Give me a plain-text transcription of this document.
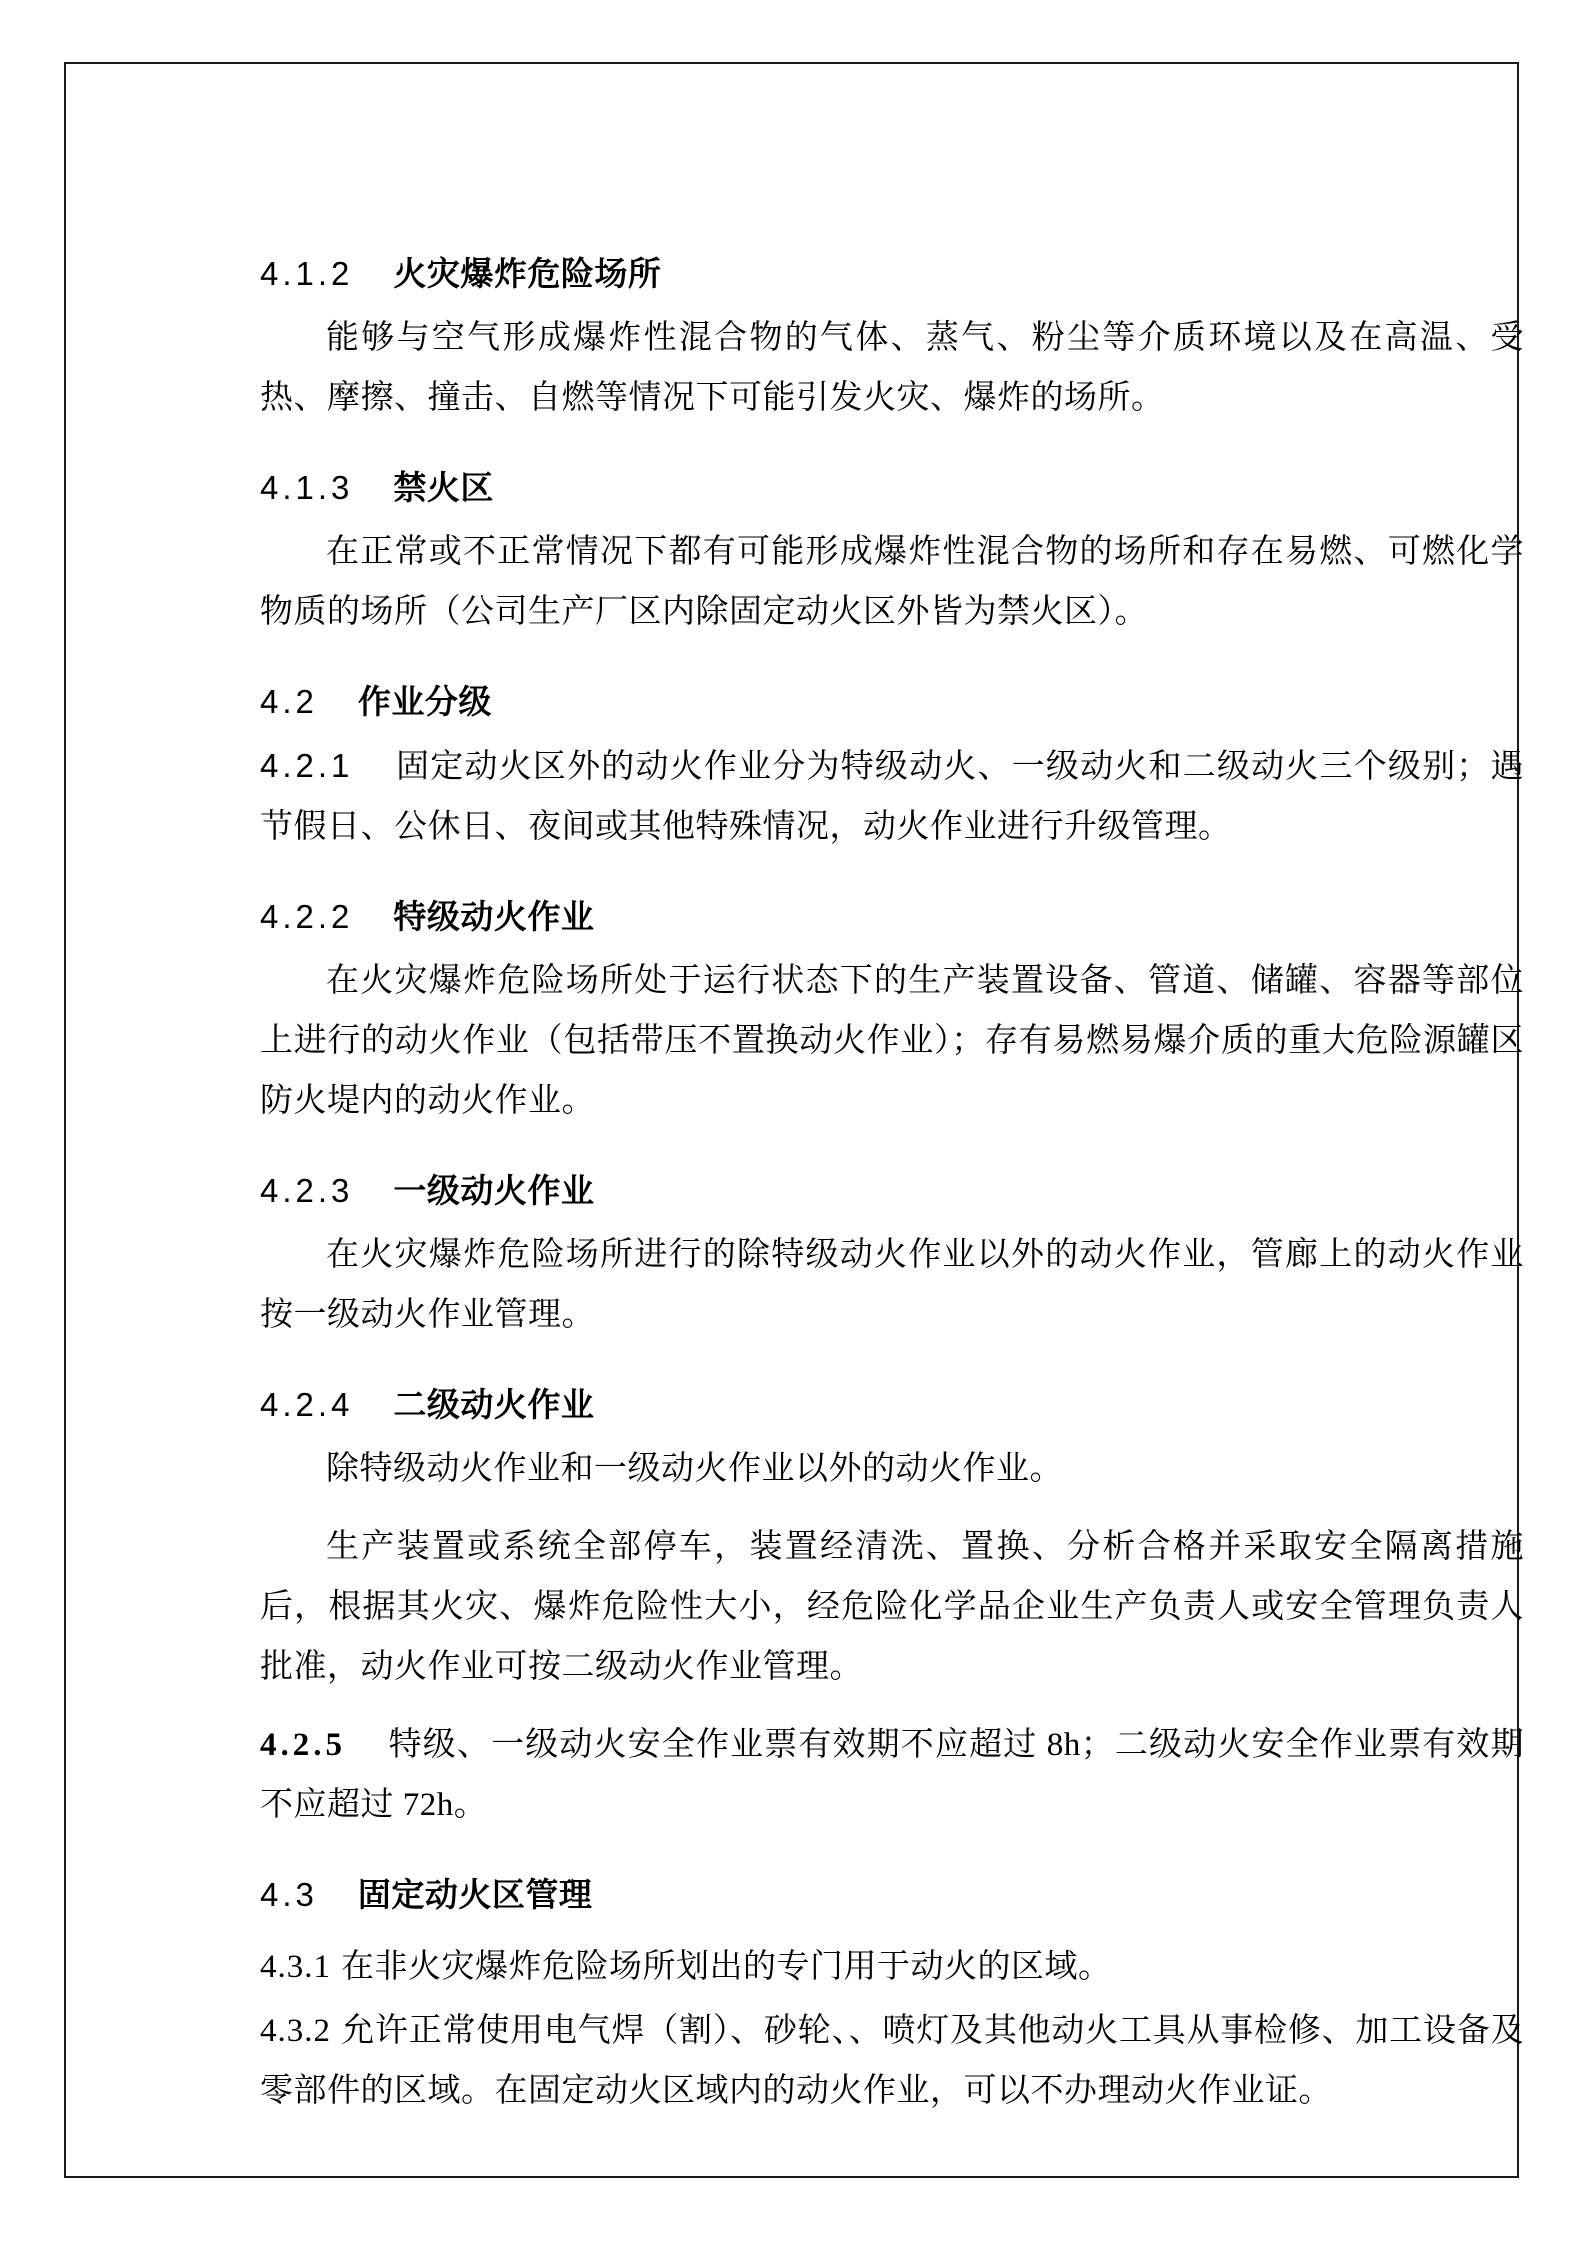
4.1.2 火灾爆炸危险场所

能够与空气形成爆炸性混合物的气体、蒸气、粉尘等介质环境以及在高温、受热、摩擦、撞击、自燃等情况下可能引发火灾、爆炸的场所。

4.1.3 禁火区

在正常或不正常情况下都有可能形成爆炸性混合物的场所和存在易燃、可燃化学物质的场所（公司生产厂区内除固定动火区外皆为禁火区）。

4.2 作业分级

4.2.1 固定动火区外的动火作业分为特级动火、一级动火和二级动火三个级别；遇节假日、公休日、夜间或其他特殊情况，动火作业进行升级管理。

4.2.2 特级动火作业

在火灾爆炸危险场所处于运行状态下的生产装置设备、管道、储罐、容器等部位上进行的动火作业（包括带压不置换动火作业）；存有易燃易爆介质的重大危险源罐区防火堤内的动火作业。

4.2.3 一级动火作业

在火灾爆炸危险场所进行的除特级动火作业以外的动火作业，管廊上的动火作业按一级动火作业管理。

4.2.4 二级动火作业

除特级动火作业和一级动火作业以外的动火作业。

生产装置或系统全部停车，装置经清洗、置换、分析合格并采取安全隔离措施后，根据其火灾、爆炸危险性大小，经危险化学品企业生产负责人或安全管理负责人批准，动火作业可按二级动火作业管理。

4.2.5 特级、一级动火安全作业票有效期不应超过 8h；二级动火安全作业票有效期不应超过 72h。

4.3 固定动火区管理

4.3.1 在非火灾爆炸危险场所划出的专门用于动火的区域。

4.3.2 允许正常使用电气焊（割）、砂轮、、喷灯及其他动火工具从事检修、加工设备及零部件的区域。在固定动火区域内的动火作业，可以不办理动火作业证。
